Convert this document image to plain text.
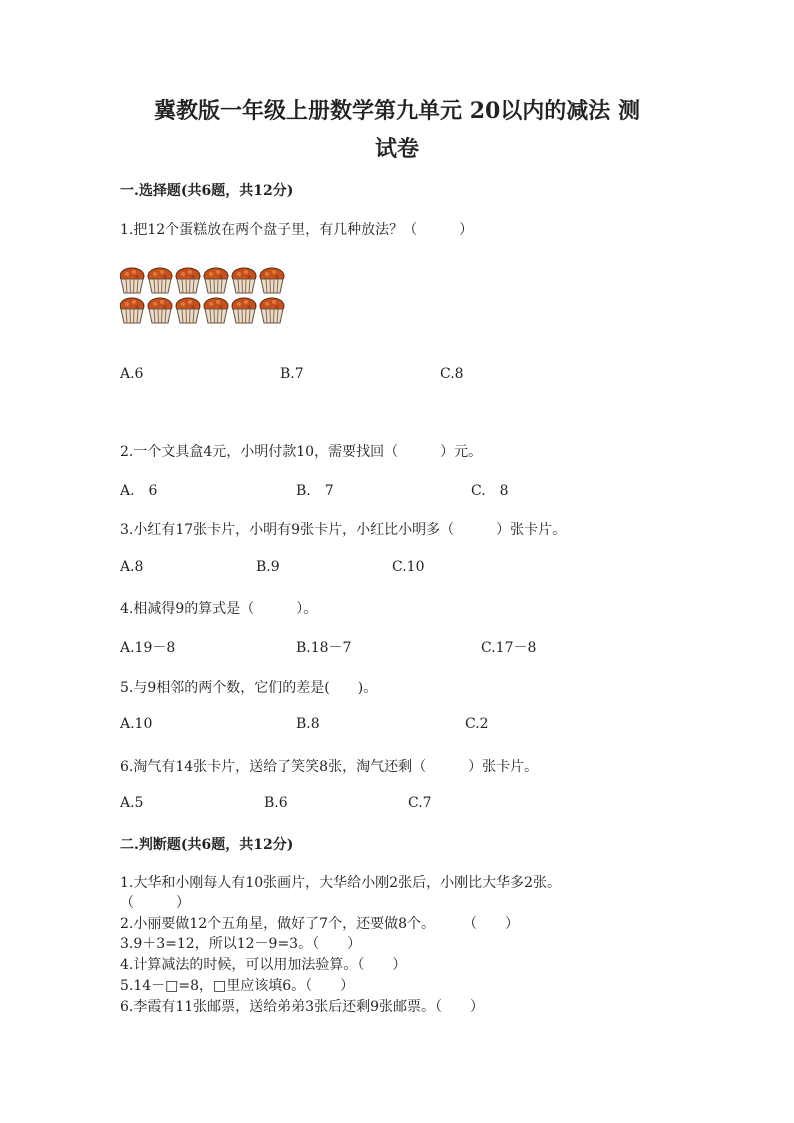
冀教版一年级上册数学第九单元 20以内的减法 测
试卷
一.选择题(共6题，共12分)
1.把12个蛋糕放在两个盘子里，有几种放法？（　　　）
A.6	B.7	C.8
2.一个文具盒4元，小明付款10，需要找回（　　　）元。
A.　6	B.　7	C.　8
3.小红有17张卡片，小明有9张卡片，小红比小明多（　　　）张卡片。
A.8	B.9	C.10
4.相减得9的算式是（　　　）。
A.19－8	B.18－7	C.17－8
5.与9相邻的两个数，它们的差是(　　)。
A.10	B.8	C.2
6.淘气有14张卡片，送给了笑笑8张，淘气还剩（　　　）张卡片。
A.5	B.6	C.7
二.判断题(共6题，共12分)
1.大华和小刚每人有10张画片，大华给小刚2张后，小刚比大华多2张。
（　　　）
2.小丽要做12个五角星，做好了7个，还要做8个。　　　（　　）
3.9＋3=12，所以12－9=3。（　　）
4.计算减法的时候，可以用加法验算。（　　）
5.14－□=8，□里应该填6。（　　）
6.李霞有11张邮票，送给弟弟3张后还剩9张邮票。（　　）
